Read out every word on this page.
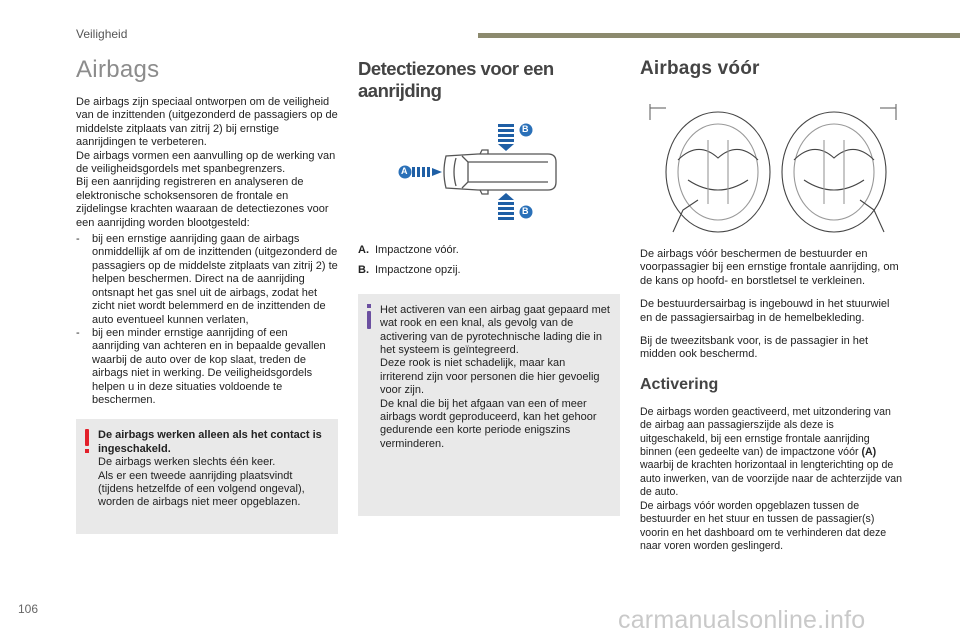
Veiligheid
Airbags

De airbags zijn speciaal ontworpen om de veiligheid van de inzittenden (uitgezonderd de passagiers op de middelste zitplaats van zitrij 2) bij ernstige aanrijdingen te verbeteren.

De airbags vormen een aanvulling op de werking van de veiligheidsgordels met spanbegrenzers.

Bij een aanrijding registreren en analyseren de elektronische schoksensoren de frontale en zijdelingse krachten waaraan de detectiezones voor een aanrijding worden blootgesteld:

- bij een ernstige aanrijding gaan de airbags onmiddellijk af om de inzittenden (uitgezonderd de passagiers op de middelste zitplaats van zitrij 2) te helpen beschermen. Direct na de aanrijding ontsnapt het gas snel uit de airbags, zodat het zicht niet wordt belemmerd en de inzittenden de auto eventueel kunnen verlaten,
- bij een minder ernstige aanrijding of een aanrijding van achteren en in bepaalde gevallen waarbij de auto over de kop slaat, treden de airbags niet in werking. De veiligheidsgordels helpen u in deze situaties voldoende te beschermen.

De airbags werken alleen als het contact is ingeschakeld.

De airbags werken slechts één keer.

Als er een tweede aanrijding plaatsvindt (tijdens hetzelfde of een volgend ongeval), worden de airbags niet meer opgeblazen.

Detectiezones voor een aanrijding
A
B
B
A. Impactzone vóór.
B. Impactzone opzij.

Het activeren van een airbag gaat gepaard met wat rook en een knal, als gevolg van de activering van de pyrotechnische lading die in het systeem is geïntegreerd.

Deze rook is niet schadelijk, maar kan irriterend zijn voor personen die hier gevoelig voor zijn.

De knal die bij het afgaan van een of meer airbags wordt geproduceerd, kan het gehoor gedurende een korte periode enigszins verminderen.

Airbags vóór

De airbags vóór beschermen de bestuurder en voorpassagier bij een ernstige frontale aanrijding, om de kans op hoofd- en borstletsel te verkleinen.

De bestuurdersairbag is ingebouwd in het stuurwiel en de passagiersairbag in de hemelbekleding.

Bij de tweezitsbank voor, is de passagier in het midden ook beschermd.

Activering

De airbags worden geactiveerd, met uitzondering van de airbag aan passagierszijde als deze is uitgeschakeld, bij een ernstige frontale aanrijding binnen (een gedeelte van) de impactzone vóór (A) waarbij de krachten horizontaal in lengterichting op de auto inwerken, van de voorzijde naar de achterzijde van de auto.

De airbags vóór worden opgeblazen tussen de bestuurder en het stuur en tussen de passagier(s) voorin en het dashboard om te verhinderen dat deze naar voren worden geslingerd.

106	carmanualsonline.info
